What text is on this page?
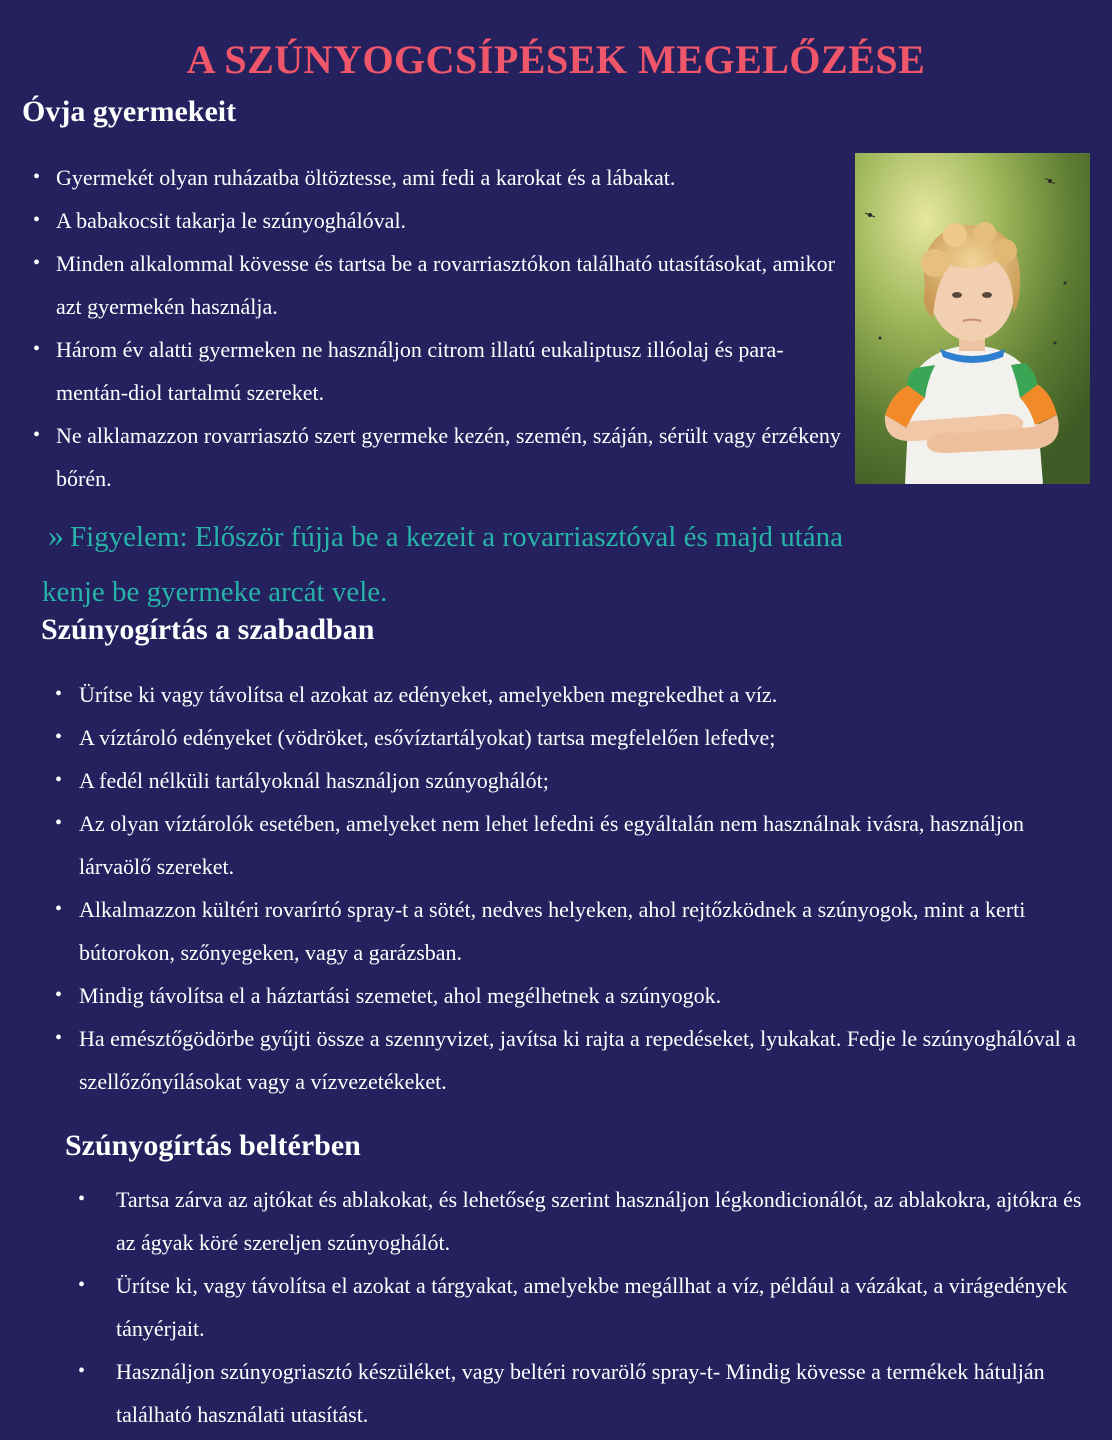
A SZÚNYOGCSÍPÉSEK MEGELŐZÉSE
Óvja gyermekeit
• Gyermekét olyan ruházatba öltöztesse, ami fedi a karokat és a lábakat.
• A babakocsit takarja le szúnyoghálóval.
• Minden alkalommal kövesse és tartsa be a rovarriasztókon található utasításokat, amikor azt gyermekén használja.
• Három év alatti gyermeken ne használjon citrom illatú eukaliptusz illóolaj és para-mentán-diol tartalmú szereket.
• Ne alklamazzon rovarriasztó szert gyermeke kezén, szemén, száján, sérült vagy érzékeny bőrén.
» Figyelem: Először fújja be a kezeit a rovarriasztóval és majd utána
kenje be gyermeke arcát vele.
Szúnyogírtás a szabadban
• Ürítse ki vagy távolítsa el azokat az edényeket, amelyekben megrekedhet a víz.
• A víztároló edényeket (vödröket, esővíztartályokat) tartsa megfelelően lefedve;
• A fedél nélküli tartályoknál használjon szúnyoghálót;
• Az olyan víztárolók esetében, amelyeket nem lehet lefedni és egyáltalán nem használnak ivásra, használjon lárvaölő szereket.
• Alkalmazzon kültéri rovarírtó spray-t a sötét, nedves helyeken, ahol rejtőzködnek a szúnyogok, mint a kerti bútorokon, szőnyegeken, vagy a garázsban.
• Mindig távolítsa el a háztartási szemetet, ahol megélhetnek a szúnyogok.
• Ha emésztőgödörbe gyűjti össze a szennyvizet, javítsa ki rajta a repedéseket, lyukakat. Fedje le szúnyoghálóval a szellőzőnyílásokat vagy a vízvezetékeket.
Szúnyogírtás beltérben
• Tartsa zárva az ajtókat és ablakokat, és lehetőség szerint használjon légkondicionálót, az ablakokra, ajtókra és az ágyak köré szereljen szúnyoghálót.
• Ürítse ki, vagy távolítsa el azokat a tárgyakat, amelyekbe megállhat a víz, például a vázákat, a virágedények tányérjait.
• Használjon szúnyogriasztó készüléket, vagy beltéri rovarölő spray-t- Mindig kövesse a termékek hátulján található használati utasítást.
